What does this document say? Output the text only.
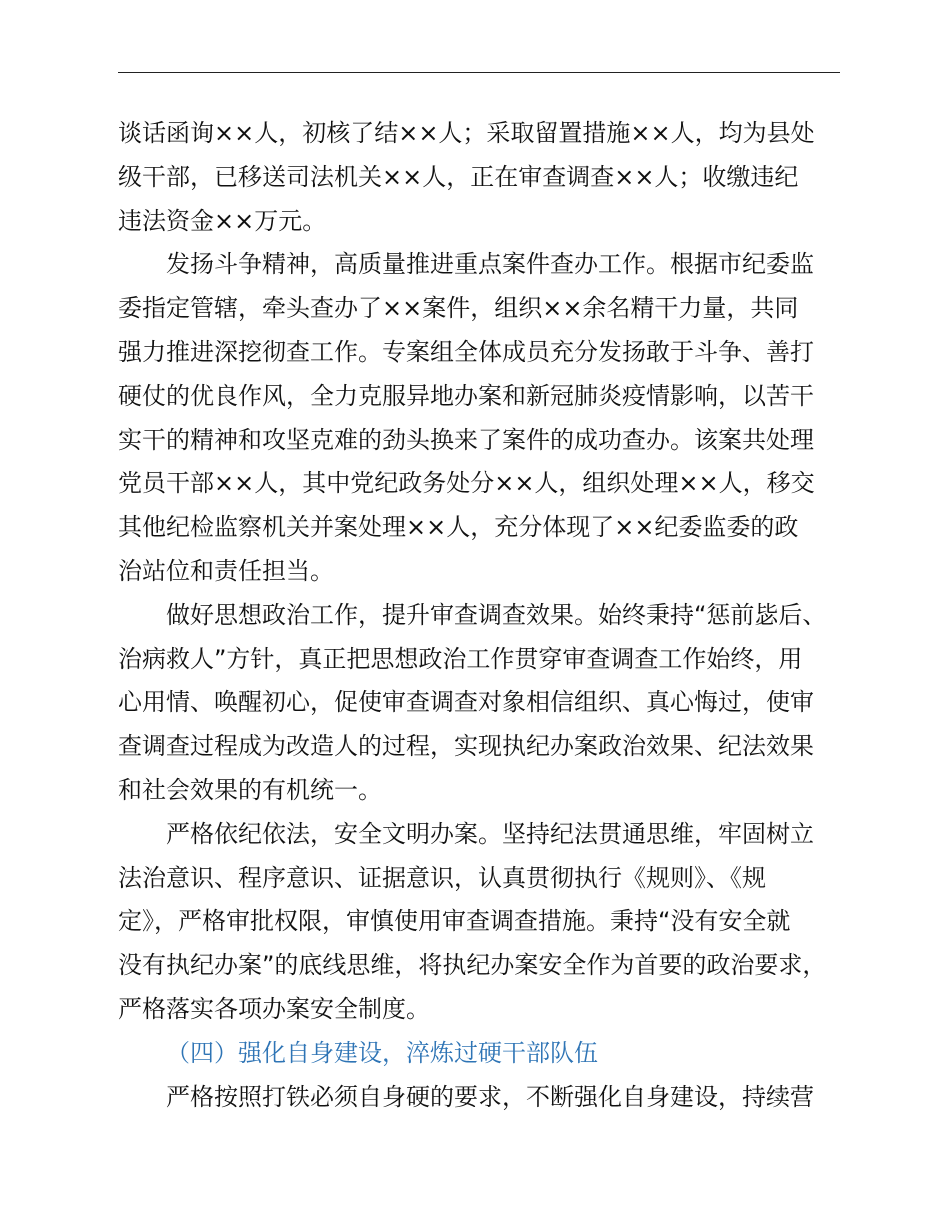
谈话函询××人，初核了结××人；采取留置措施××人，均为县处
级干部，已移送司法机关××人，正在审查调查××人；收缴违纪
违法资金××万元。
发扬斗争精神，高质量推进重点案件查办工作。根据市纪委监
委指定管辖，牵头查办了××案件，组织××余名精干力量，共同
强力推进深挖彻查工作。专案组全体成员充分发扬敢于斗争、善打
硬仗的优良作风，全力克服异地办案和新冠肺炎疫情影响，以苦干
实干的精神和攻坚克难的劲头换来了案件的成功查办。该案共处理
党员干部××人，其中党纪政务处分××人，组织处理××人，移交
其他纪检监察机关并案处理××人，充分体现了××纪委监委的政
治站位和责任担当。
做好思想政治工作，提升审查调查效果。始终秉持“惩前毖后、
治病救人”方针，真正把思想政治工作贯穿审查调查工作始终，用
心用情、唤醒初心，促使审查调查对象相信组织、真心悔过，使审
查调查过程成为改造人的过程，实现执纪办案政治效果、纪法效果
和社会效果的有机统一。
严格依纪依法，安全文明办案。坚持纪法贯通思维，牢固树立
法治意识、程序意识、证据意识，认真贯彻执行《规则》、《规
定》，严格审批权限，审慎使用审查调查措施。秉持“没有安全就
没有执纪办案”的底线思维，将执纪办案安全作为首要的政治要求，
严格落实各项办案安全制度。
（四）强化自身建设，淬炼过硬干部队伍
严格按照打铁必须自身硬的要求，不断强化自身建设，持续营
